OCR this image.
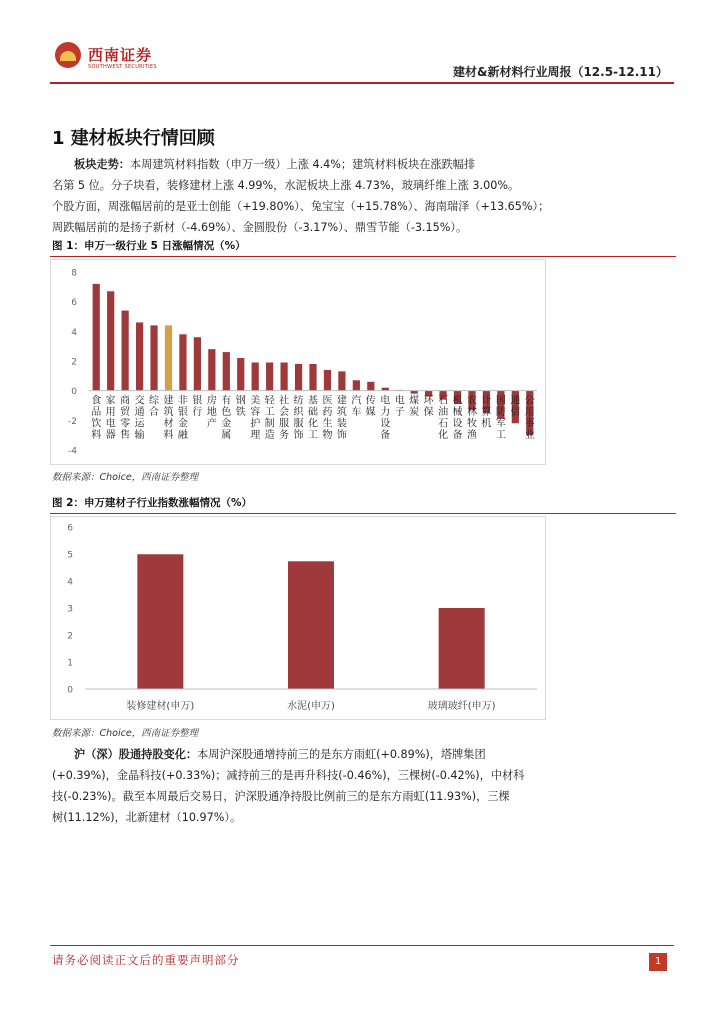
西南证券
SOUTHWEST SECURITIES	建材&新材料行业周报（12.5-12.11）
1 建材板块行情回顾
板块走势：本周建筑材料指数（申万一级）上涨 4.4%；建筑材料板块在涨跌幅排
名第 5 位。分子块看，装修建材上涨 4.99%，水泥板块上涨 4.73%，玻璃纤维上涨 3.00%。
个股方面，周涨幅居前的是亚士创能（+19.80%）、兔宝宝（+15.78%）、海南瑞泽（+13.65%）；
周跌幅居前的是扬子新材（-4.69%）、金圆股份（-3.17%）、鼎雪节能（-3.15%）。
图 1：申万一级行业 5 日涨幅情况（%）
-4
-2
0
2
4
6
8
食品饮料
家用电器
商贸零售
交通运输
综合
建筑材料
非银金融
银行
房地产
有色金属
钢铁
美容护理
轻工制造
社会服务
纺织服饰
基础化工
医药生物
建筑装饰
汽车
传媒
电力设备
电子
煤炭
环保
石油石化
机械设备
农林牧渔
计算机
国防军工
通信
公用事业
数据来源：Choice，西南证券整理
图 2：申万建材子行业指数涨幅情况（%）
0
1
2
3
4
5
6
装修建材(申万)	水泥(申万)	玻璃玻纤(申万)
数据来源：Choice，西南证券整理
沪（深）股通持股变化：本周沪深股通增持前三的是东方雨虹(+0.89%)，塔牌集团
(+0.39%)，金晶科技(+0.33%)；减持前三的是再升科技(-0.46%)，三棵树(-0.42%)，中材科
技(-0.23%)。截至本周最后交易日，沪深股通净持股比例前三的是东方雨虹(11.93%)，三棵
树(11.12%)，北新建材（10.97%）。
请务必阅读正文后的重要声明部分	1
